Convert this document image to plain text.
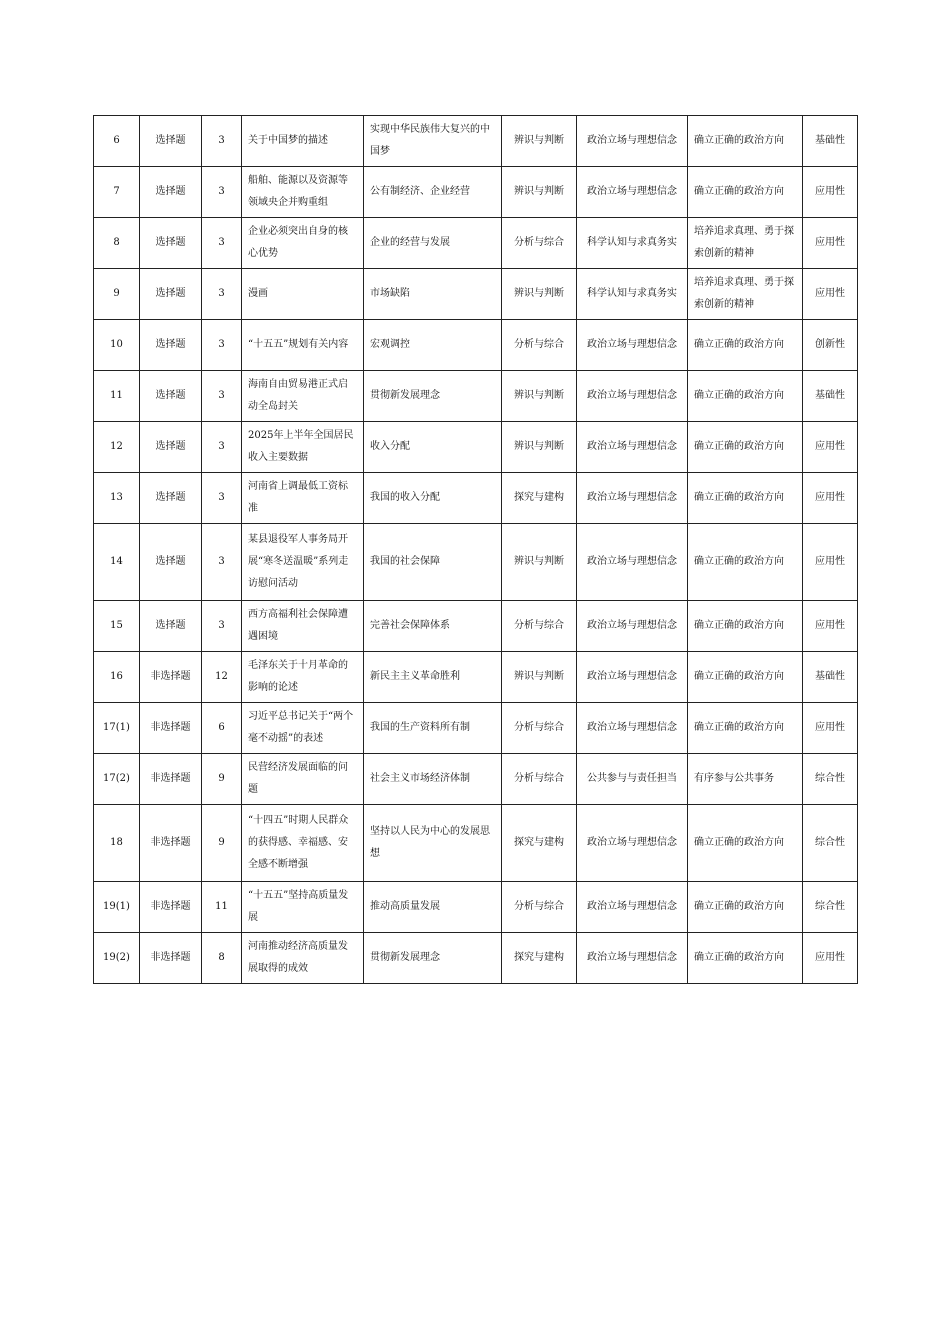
6	选择题	3	关于中国梦的描述	实现中华民族伟大复兴的中国梦	辨识与判断	政治立场与理想信念	确立正确的政治方向	基础性
7	选择题	3	船舶、能源以及资源等领域央企并购重组	公有制经济、企业经营	辨识与判断	政治立场与理想信念	确立正确的政治方向	应用性
8	选择题	3	企业必须突出自身的核心优势	企业的经营与发展	分析与综合	科学认知与求真务实	培养追求真理、勇于探索创新的精神	应用性
9	选择题	3	漫画	市场缺陷	辨识与判断	科学认知与求真务实	培养追求真理、勇于探索创新的精神	应用性
10	选择题	3	“十五五”规划有关内容	宏观调控	分析与综合	政治立场与理想信念	确立正确的政治方向	创新性
11	选择题	3	海南自由贸易港正式启动全岛封关	贯彻新发展理念	辨识与判断	政治立场与理想信念	确立正确的政治方向	基础性
12	选择题	3	2025年上半年全国居民收入主要数据	收入分配	辨识与判断	政治立场与理想信念	确立正确的政治方向	应用性
13	选择题	3	河南省上调最低工资标准	我国的收入分配	探究与建构	政治立场与理想信念	确立正确的政治方向	应用性
14	选择题	3	某县退役军人事务局开展“寒冬送温暖”系列走访慰问活动	我国的社会保障	辨识与判断	政治立场与理想信念	确立正确的政治方向	应用性
15	选择题	3	西方高福利社会保障遭遇困境	完善社会保障体系	分析与综合	政治立场与理想信念	确立正确的政治方向	应用性
16	非选择题	12	毛泽东关于十月革命的影响的论述	新民主主义革命胜利	辨识与判断	政治立场与理想信念	确立正确的政治方向	基础性
17(1)	非选择题	6	习近平总书记关于“两个毫不动摇”的表述	我国的生产资料所有制	分析与综合	政治立场与理想信念	确立正确的政治方向	应用性
17(2)	非选择题	9	民营经济发展面临的问题	社会主义市场经济体制	分析与综合	公共参与与责任担当	有序参与公共事务	综合性
18	非选择题	9	“十四五”时期人民群众的获得感、幸福感、安全感不断增强	坚持以人民为中心的发展思想	探究与建构	政治立场与理想信念	确立正确的政治方向	综合性
19(1)	非选择题	11	“十五五”坚持高质量发展	推动高质量发展	分析与综合	政治立场与理想信念	确立正确的政治方向	综合性
19(2)	非选择题	8	河南推动经济高质量发展取得的成效	贯彻新发展理念	探究与建构	政治立场与理想信念	确立正确的政治方向	应用性
